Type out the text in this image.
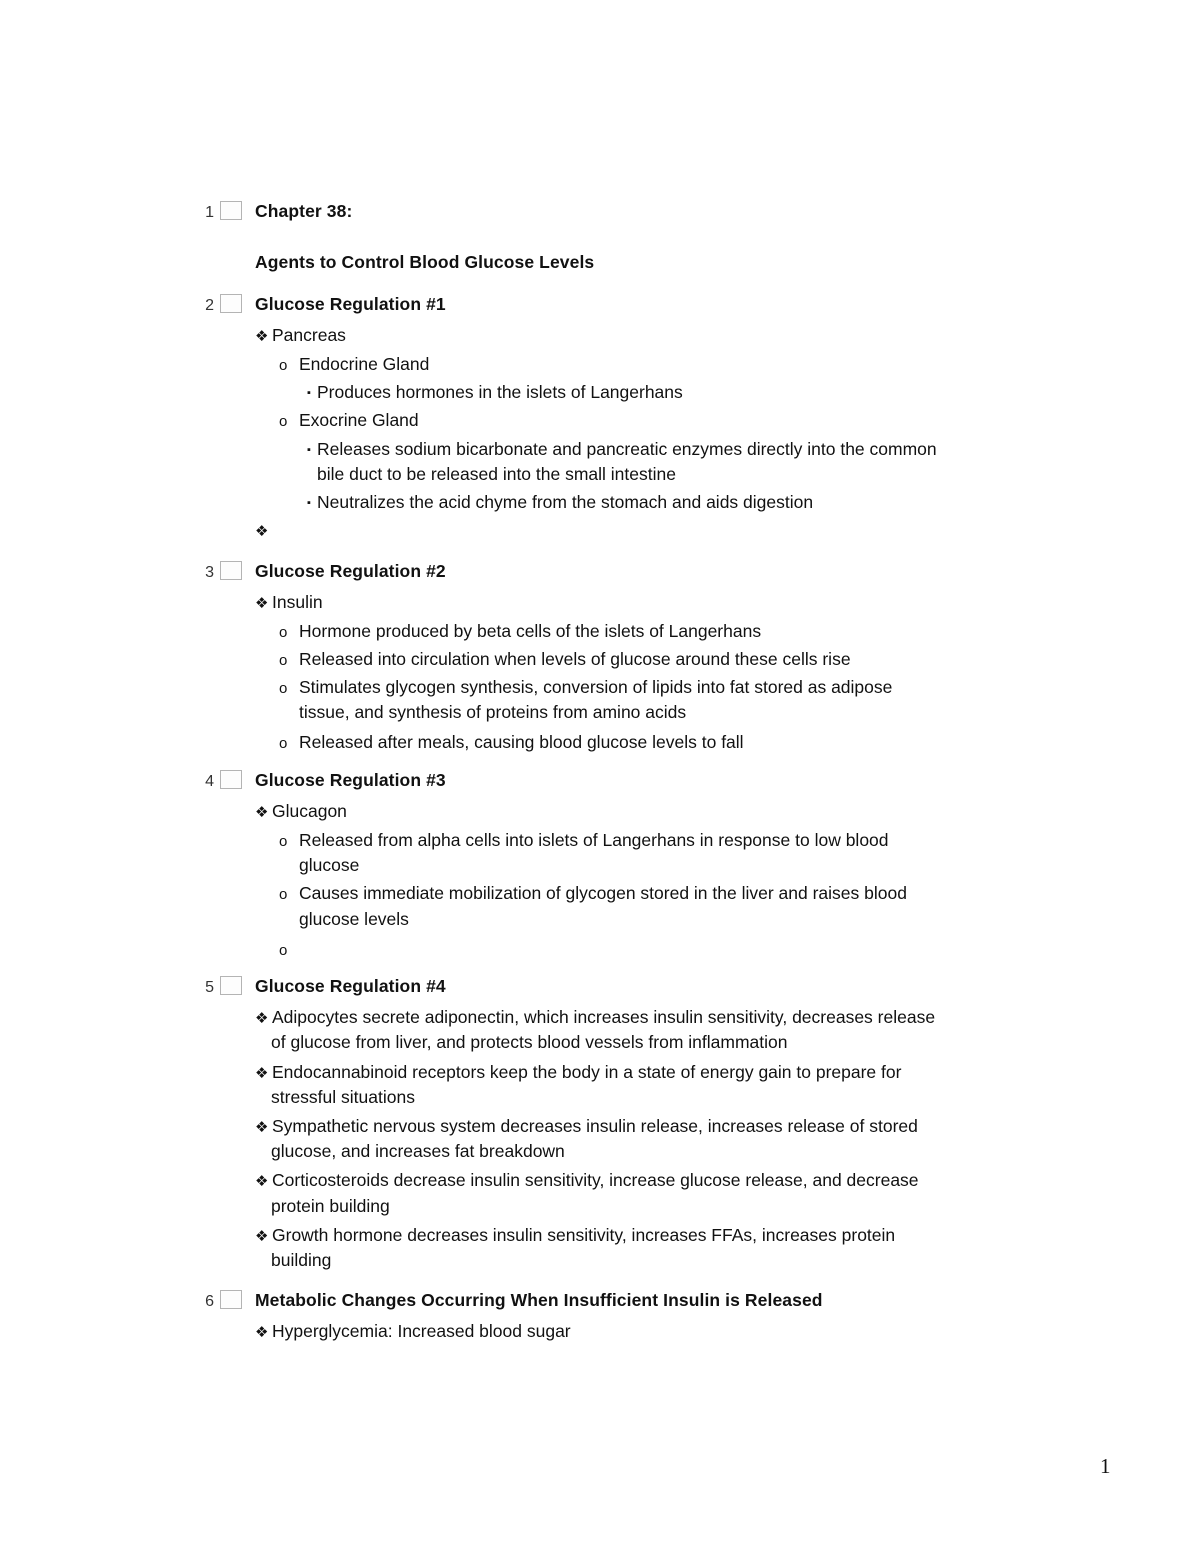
1 Chapter 38:
Agents to Control Blood Glucose Levels
2 Glucose Regulation #1
❖ Pancreas
o Endocrine Gland
▪ Produces hormones in the islets of Langerhans
o Exocrine Gland
▪ Releases sodium bicarbonate and pancreatic enzymes directly into the common
bile duct to be released into the small intestine
▪ Neutralizes the acid chyme from the stomach and aids digestion
❖
3 Glucose Regulation #2
❖ Insulin
o Hormone produced by beta cells of the islets of Langerhans
o Released into circulation when levels of glucose around these cells rise
o Stimulates glycogen synthesis, conversion of lipids into fat stored as adipose
tissue, and synthesis of proteins from amino acids
o Released after meals, causing blood glucose levels to fall
4 Glucose Regulation #3
❖ Glucagon
o Released from alpha cells into islets of Langerhans in response to low blood
glucose
o Causes immediate mobilization of glycogen stored in the liver and raises blood
glucose levels
o
5 Glucose Regulation #4
❖ Adipocytes secrete adiponectin, which increases insulin sensitivity, decreases release
of glucose from liver, and protects blood vessels from inflammation
❖ Endocannabinoid receptors keep the body in a state of energy gain to prepare for
stressful situations
❖ Sympathetic nervous system decreases insulin release, increases release of stored
glucose, and increases fat breakdown
❖ Corticosteroids decrease insulin sensitivity, increase glucose release, and decrease
protein building
❖ Growth hormone decreases insulin sensitivity, increases FFAs, increases protein
building
6 Metabolic Changes Occurring When Insufficient Insulin is Released
❖ Hyperglycemia: Increased blood sugar
1
